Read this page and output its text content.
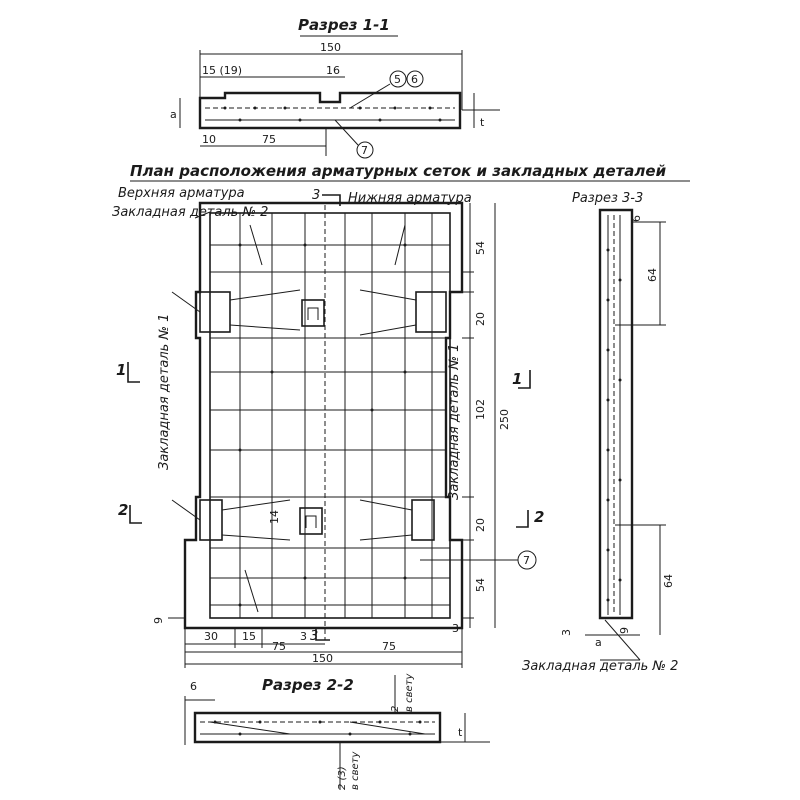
Разрез 1-1
150
15 (19)	16
a
t
10	75
5 6
7
План расположения арматурных сеток и закладных деталей
Верхняя арматура	3 Нижняя арматура	Разрез 3-3
Закладная деталь № 2
Закладная деталь № 1
1	1
2	2
Закладная деталь № 1
54
20
102 250
20
54
3
14
7
9
30 15	3 3
75	75
150
6
64
64
3
a
9
Закладная деталь № 2
Разрез 2-2
6
2 в свету
2 (3) в свету
t
